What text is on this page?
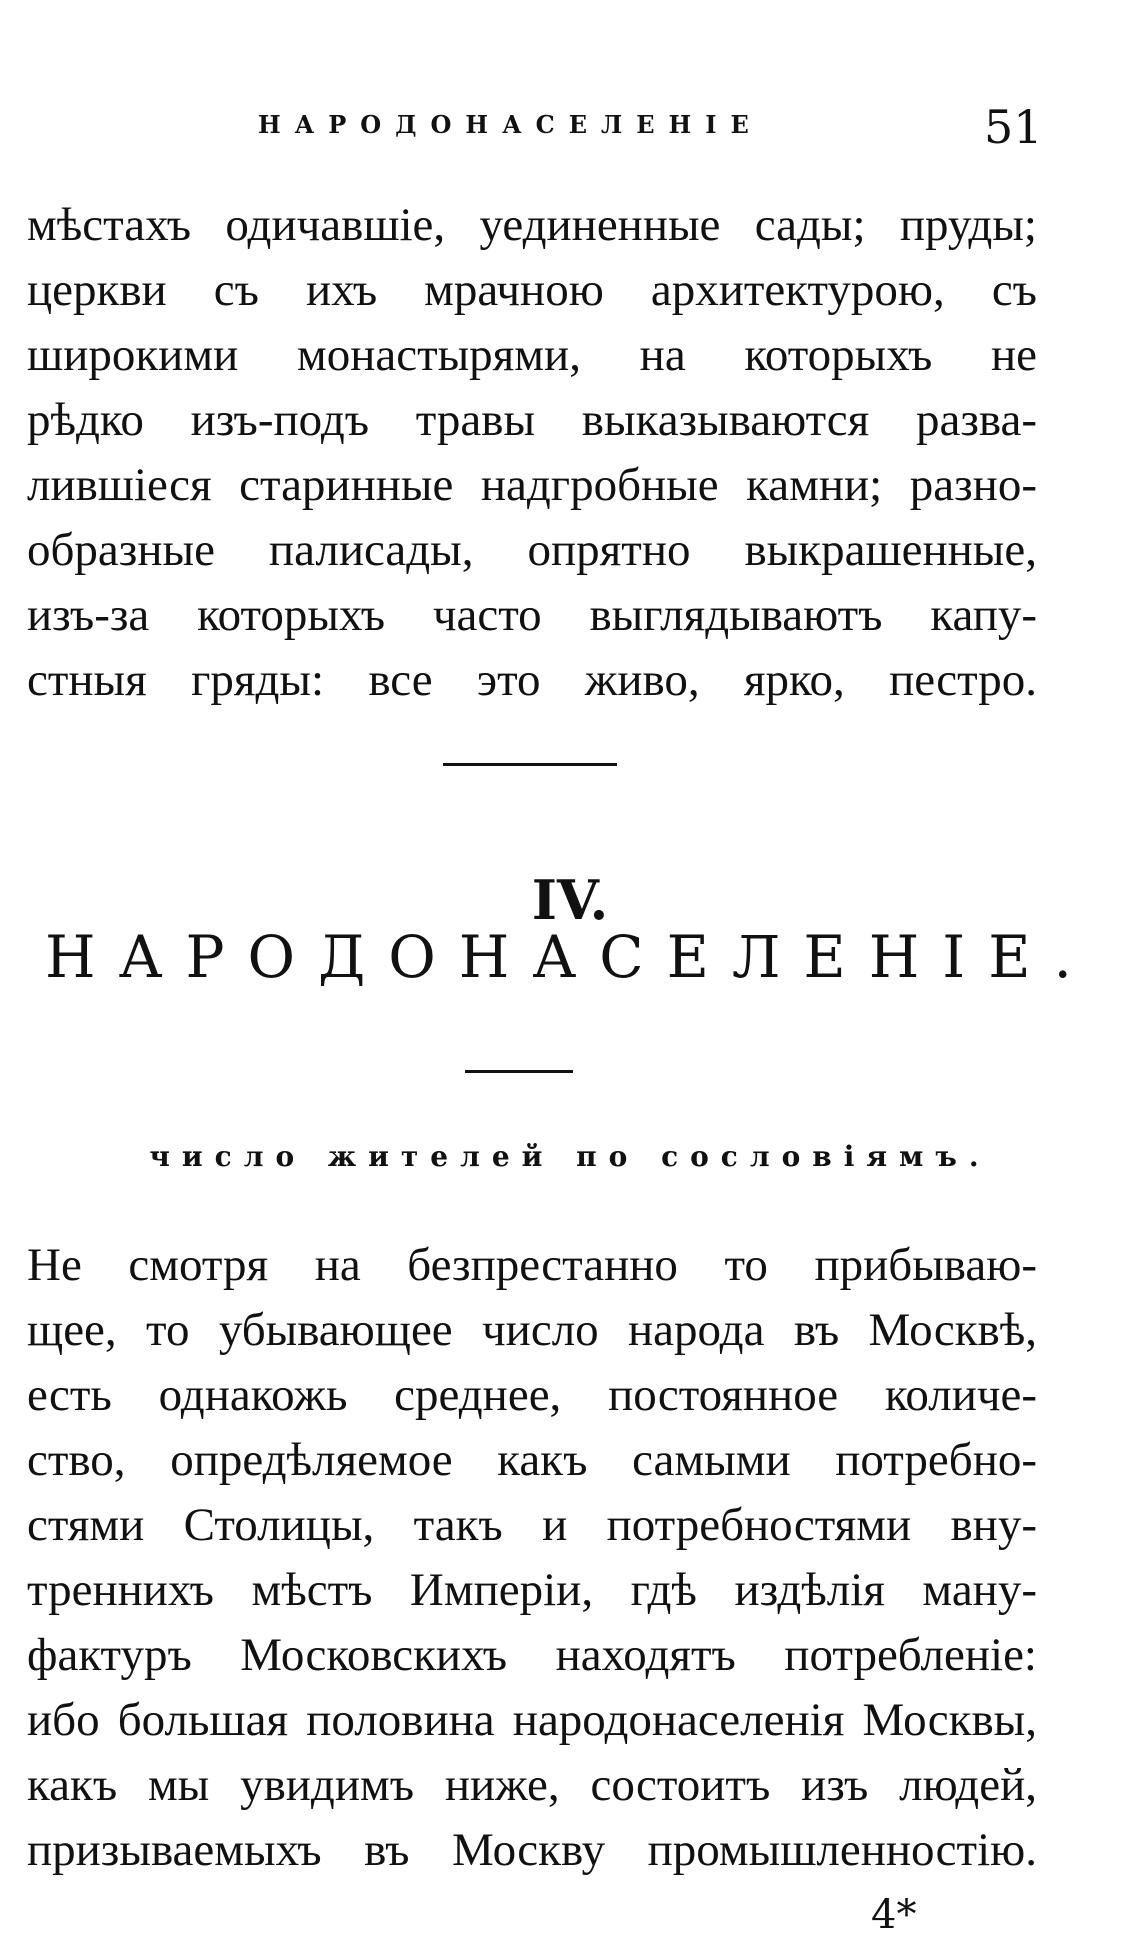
НАРОДОНАСЕЛЕНІЕ	51

мѣстахъ одичавшіе, уединенные сады; пруды;
церкви съ ихъ мрачною архитектурою, съ
широкими монастырями, на которыхъ не
рѣдко изъ-подъ травы выказываются разва-
лившіеся старинные надгробные камни; разно-
образные палисады, опрятно выкрашенные,
изъ-за которыхъ часто выглядываютъ капу-
стныя гряды: все это живо, ярко, пестро.

IV.
НАРОДОНАСЕЛЕНІЕ.
число жителей по сословіямъ.

Не смотря на безпрестанно то прибываю-
щее, то убывающее число народа въ Москвѣ,
есть однакожь среднее, постоянное количе-
ство, опредѣляемое какъ самыми потребно-
стями Столицы, такъ и потребностями вну-
треннихъ мѣстъ Имперіи, гдѣ издѣлія ману-
фактуръ Московскихъ находятъ потребленіе:
ибо большая половина народонаселенія Москвы,
какъ мы увидимъ ниже, состоитъ изъ людей,
призываемыхъ въ Москву промышленностію.

4*
